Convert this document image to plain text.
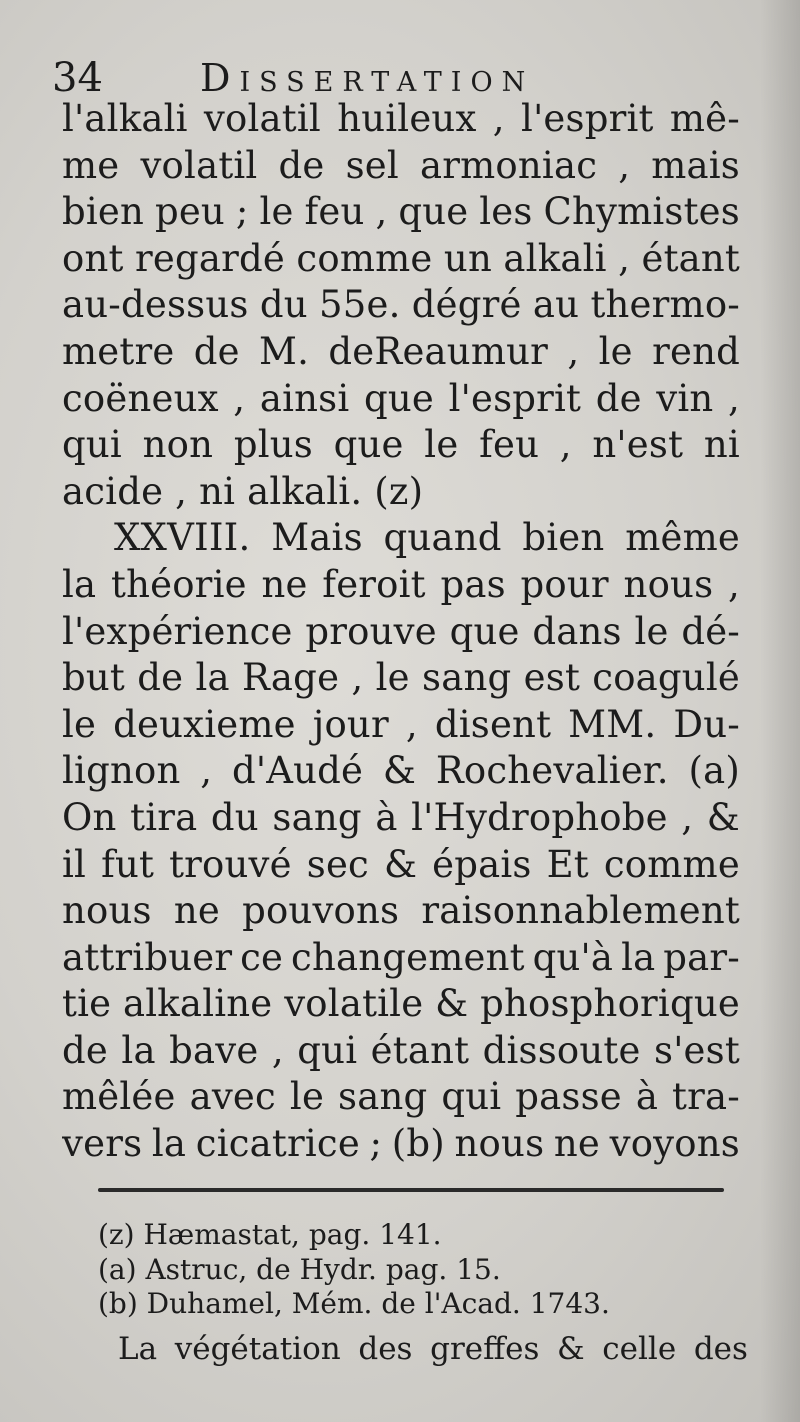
34	Dissertation
l'alkali volatil huileux , l'esprit mê-
me volatil de sel armoniac , mais
bien peu ; le feu , que les Chymistes
ont regardé comme un alkali , étant
au-dessus du 55e. dégré au thermo-
metre de M. deReaumur , le rend
coëneux , ainsi que l'esprit de vin ,
qui non plus que le feu , n'est ni
acide , ni alkali. (z)
XXVIII. Mais quand bien même
la théorie ne feroit pas pour nous ,
l'expérience prouve que dans le dé-
but de la Rage , le sang est coagulé
le deuxieme jour , disent MM. Du-
lignon , d'Audé & Rochevalier. (a)
On tira du sang à l'Hydrophobe , &
il fut trouvé sec & épais Et comme
nous ne pouvons raisonnablement
attribuer ce changement qu'à la par-
tie alkaline volatile & phosphorique
de la bave , qui étant dissoute s'est
mêlée avec le sang qui passe à tra-
vers la cicatrice ; (b) nous ne voyons
(z) Hæmastat, pag. 141.
(a) Astruc, de Hydr. pag. 15.
(b) Duhamel, Mém. de l'Acad. 1743.
La végétation des greffes & celle des
